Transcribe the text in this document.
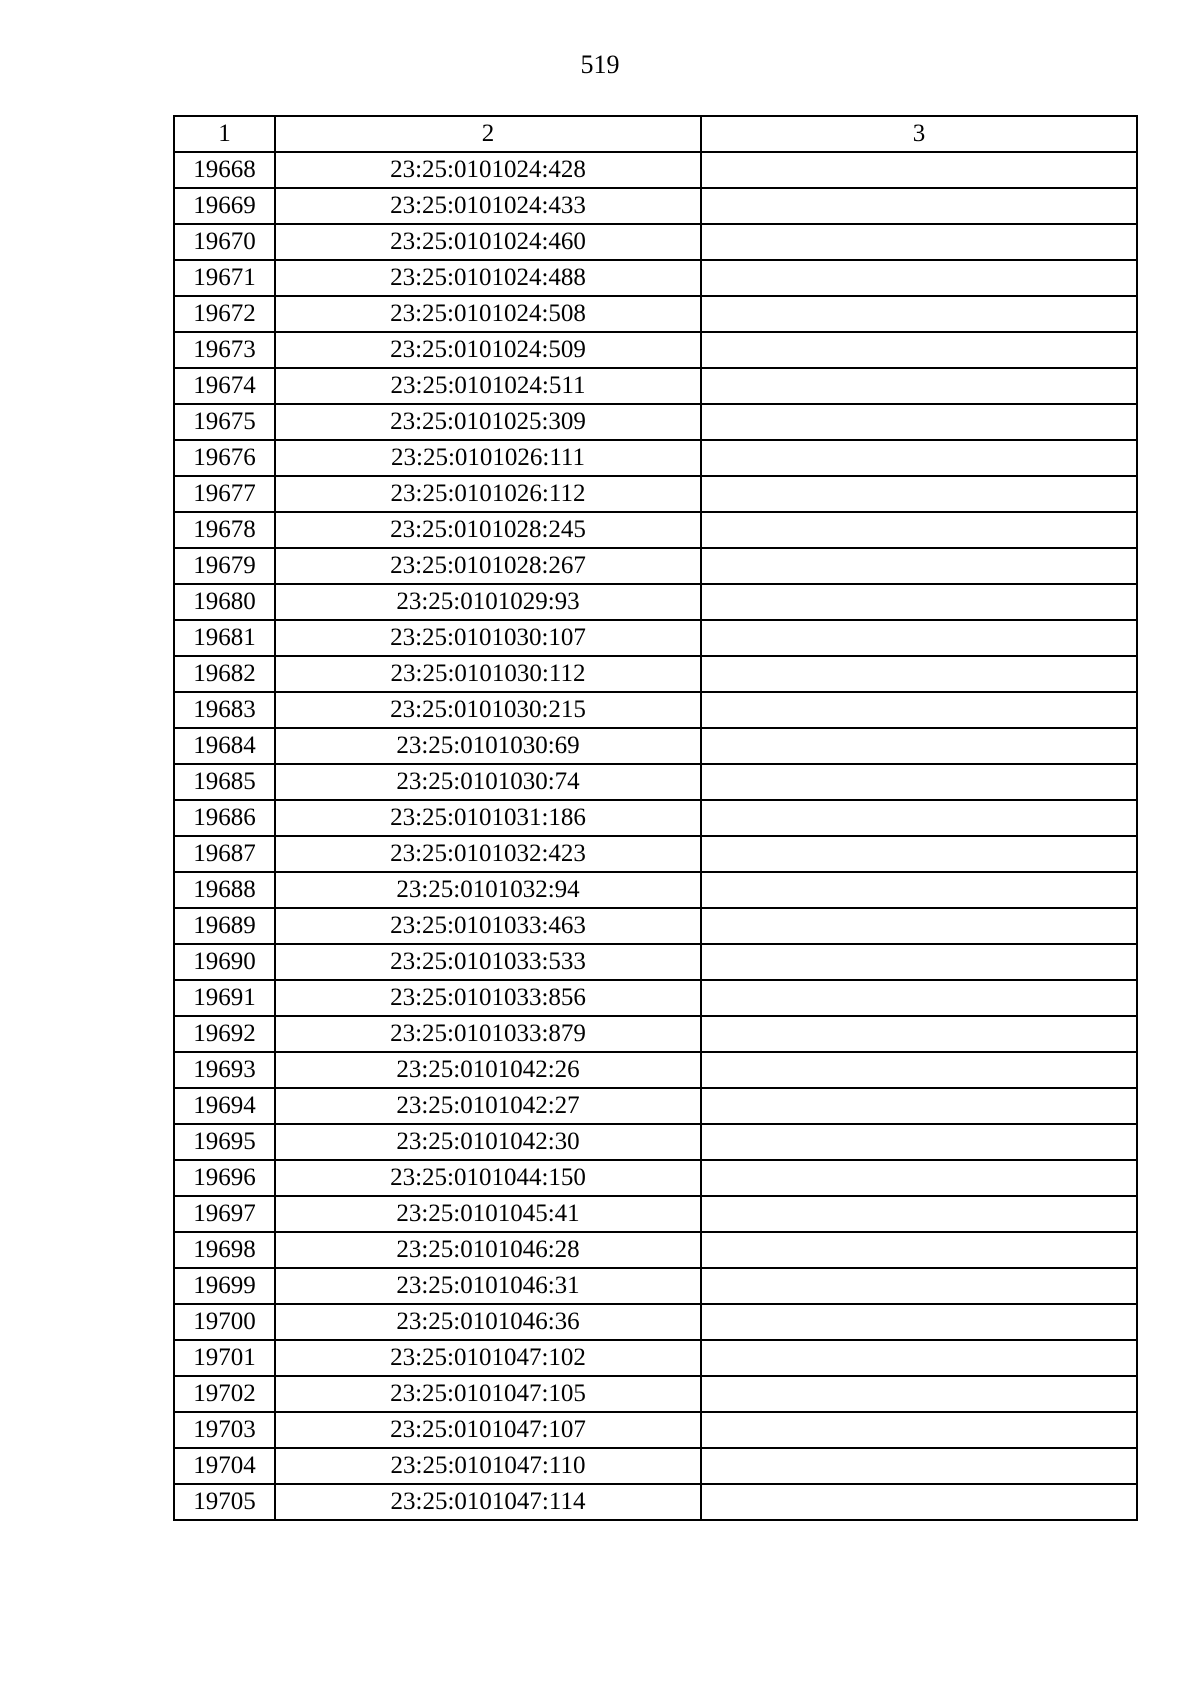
519
1	2	3
19668	23:25:0101024:428	
19669	23:25:0101024:433	
19670	23:25:0101024:460	
19671	23:25:0101024:488	
19672	23:25:0101024:508	
19673	23:25:0101024:509	
19674	23:25:0101024:511	
19675	23:25:0101025:309	
19676	23:25:0101026:111	
19677	23:25:0101026:112	
19678	23:25:0101028:245	
19679	23:25:0101028:267	
19680	23:25:0101029:93	
19681	23:25:0101030:107	
19682	23:25:0101030:112	
19683	23:25:0101030:215	
19684	23:25:0101030:69	
19685	23:25:0101030:74	
19686	23:25:0101031:186	
19687	23:25:0101032:423	
19688	23:25:0101032:94	
19689	23:25:0101033:463	
19690	23:25:0101033:533	
19691	23:25:0101033:856	
19692	23:25:0101033:879	
19693	23:25:0101042:26	
19694	23:25:0101042:27	
19695	23:25:0101042:30	
19696	23:25:0101044:150	
19697	23:25:0101045:41	
19698	23:25:0101046:28	
19699	23:25:0101046:31	
19700	23:25:0101046:36	
19701	23:25:0101047:102	
19702	23:25:0101047:105	
19703	23:25:0101047:107	
19704	23:25:0101047:110	
19705	23:25:0101047:114	
